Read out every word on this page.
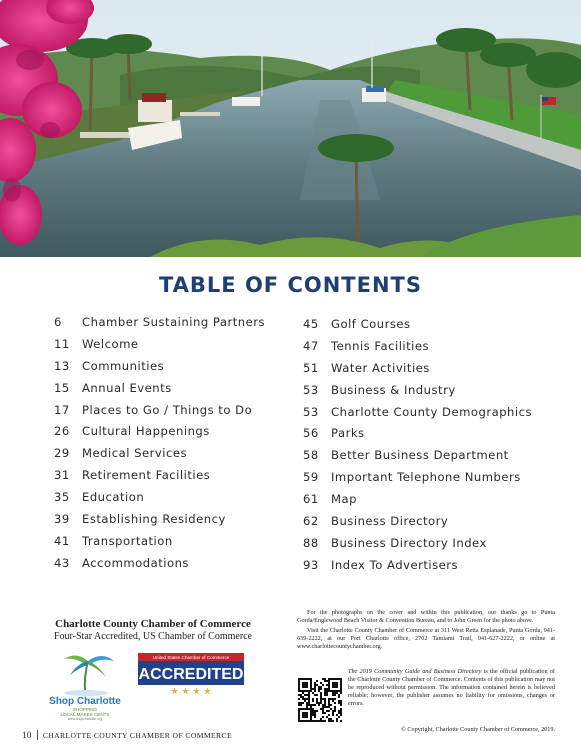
TABLE OF CONTENTS
6	Chamber Sustaining Partners
11	Welcome
13	Communities
15	Annual Events
17	Places to Go / Things to Do
26	Cultural Happenings
29	Medical Services
31	Retirement Facilities
35	Education
39	Establishing Residency
41	Transportation
43	Accommodations
45	Golf Courses
47	Tennis Facilities
51	Water Activities
53	Business & Industry
53	Charlotte County Demographics
56	Parks
58	Better Business Department
59	Important Telephone Numbers
61	Map
62	Business Directory
88	Business Directory Index
93	Index To Advertisers
Charlotte County Chamber of Commerce
Four-Star Accredited, US Chamber of Commerce
Shop Charlotte
SHOPPING
LOCAL MAKES CENTS
www.shopcharlotte.org
United States Chamber of Commerce
ACCREDITED
★ ★ ★ ★

For the photographs on the cover and within this publication, our thanks go to Punta Gorda/Englewood Beach Visitor & Convention Bureau, and to John Green for the photo above.

Visit the Charlotte County Chamber of Commerce at 311 West Retta Esplanade, Punta Gorda, 941-639-2222, at our Port Charlotte office, 2702 Tamiami Trail, 941-627-2222, or online at www.charlottecountychamber.org.

The 2019 Community Guide and Business Directory is the official publication of the Charlotte County Chamber of Commerce. Contents of this publication may not be reproduced without permission. The information contained herein is believed reliable; however, the publisher assumes no liability for omissions, changes or errors.
© Copyright, Charlotte County Chamber of Commerce, 2019.
10 CHARLOTTE COUNTY CHAMBER OF COMMERCE
